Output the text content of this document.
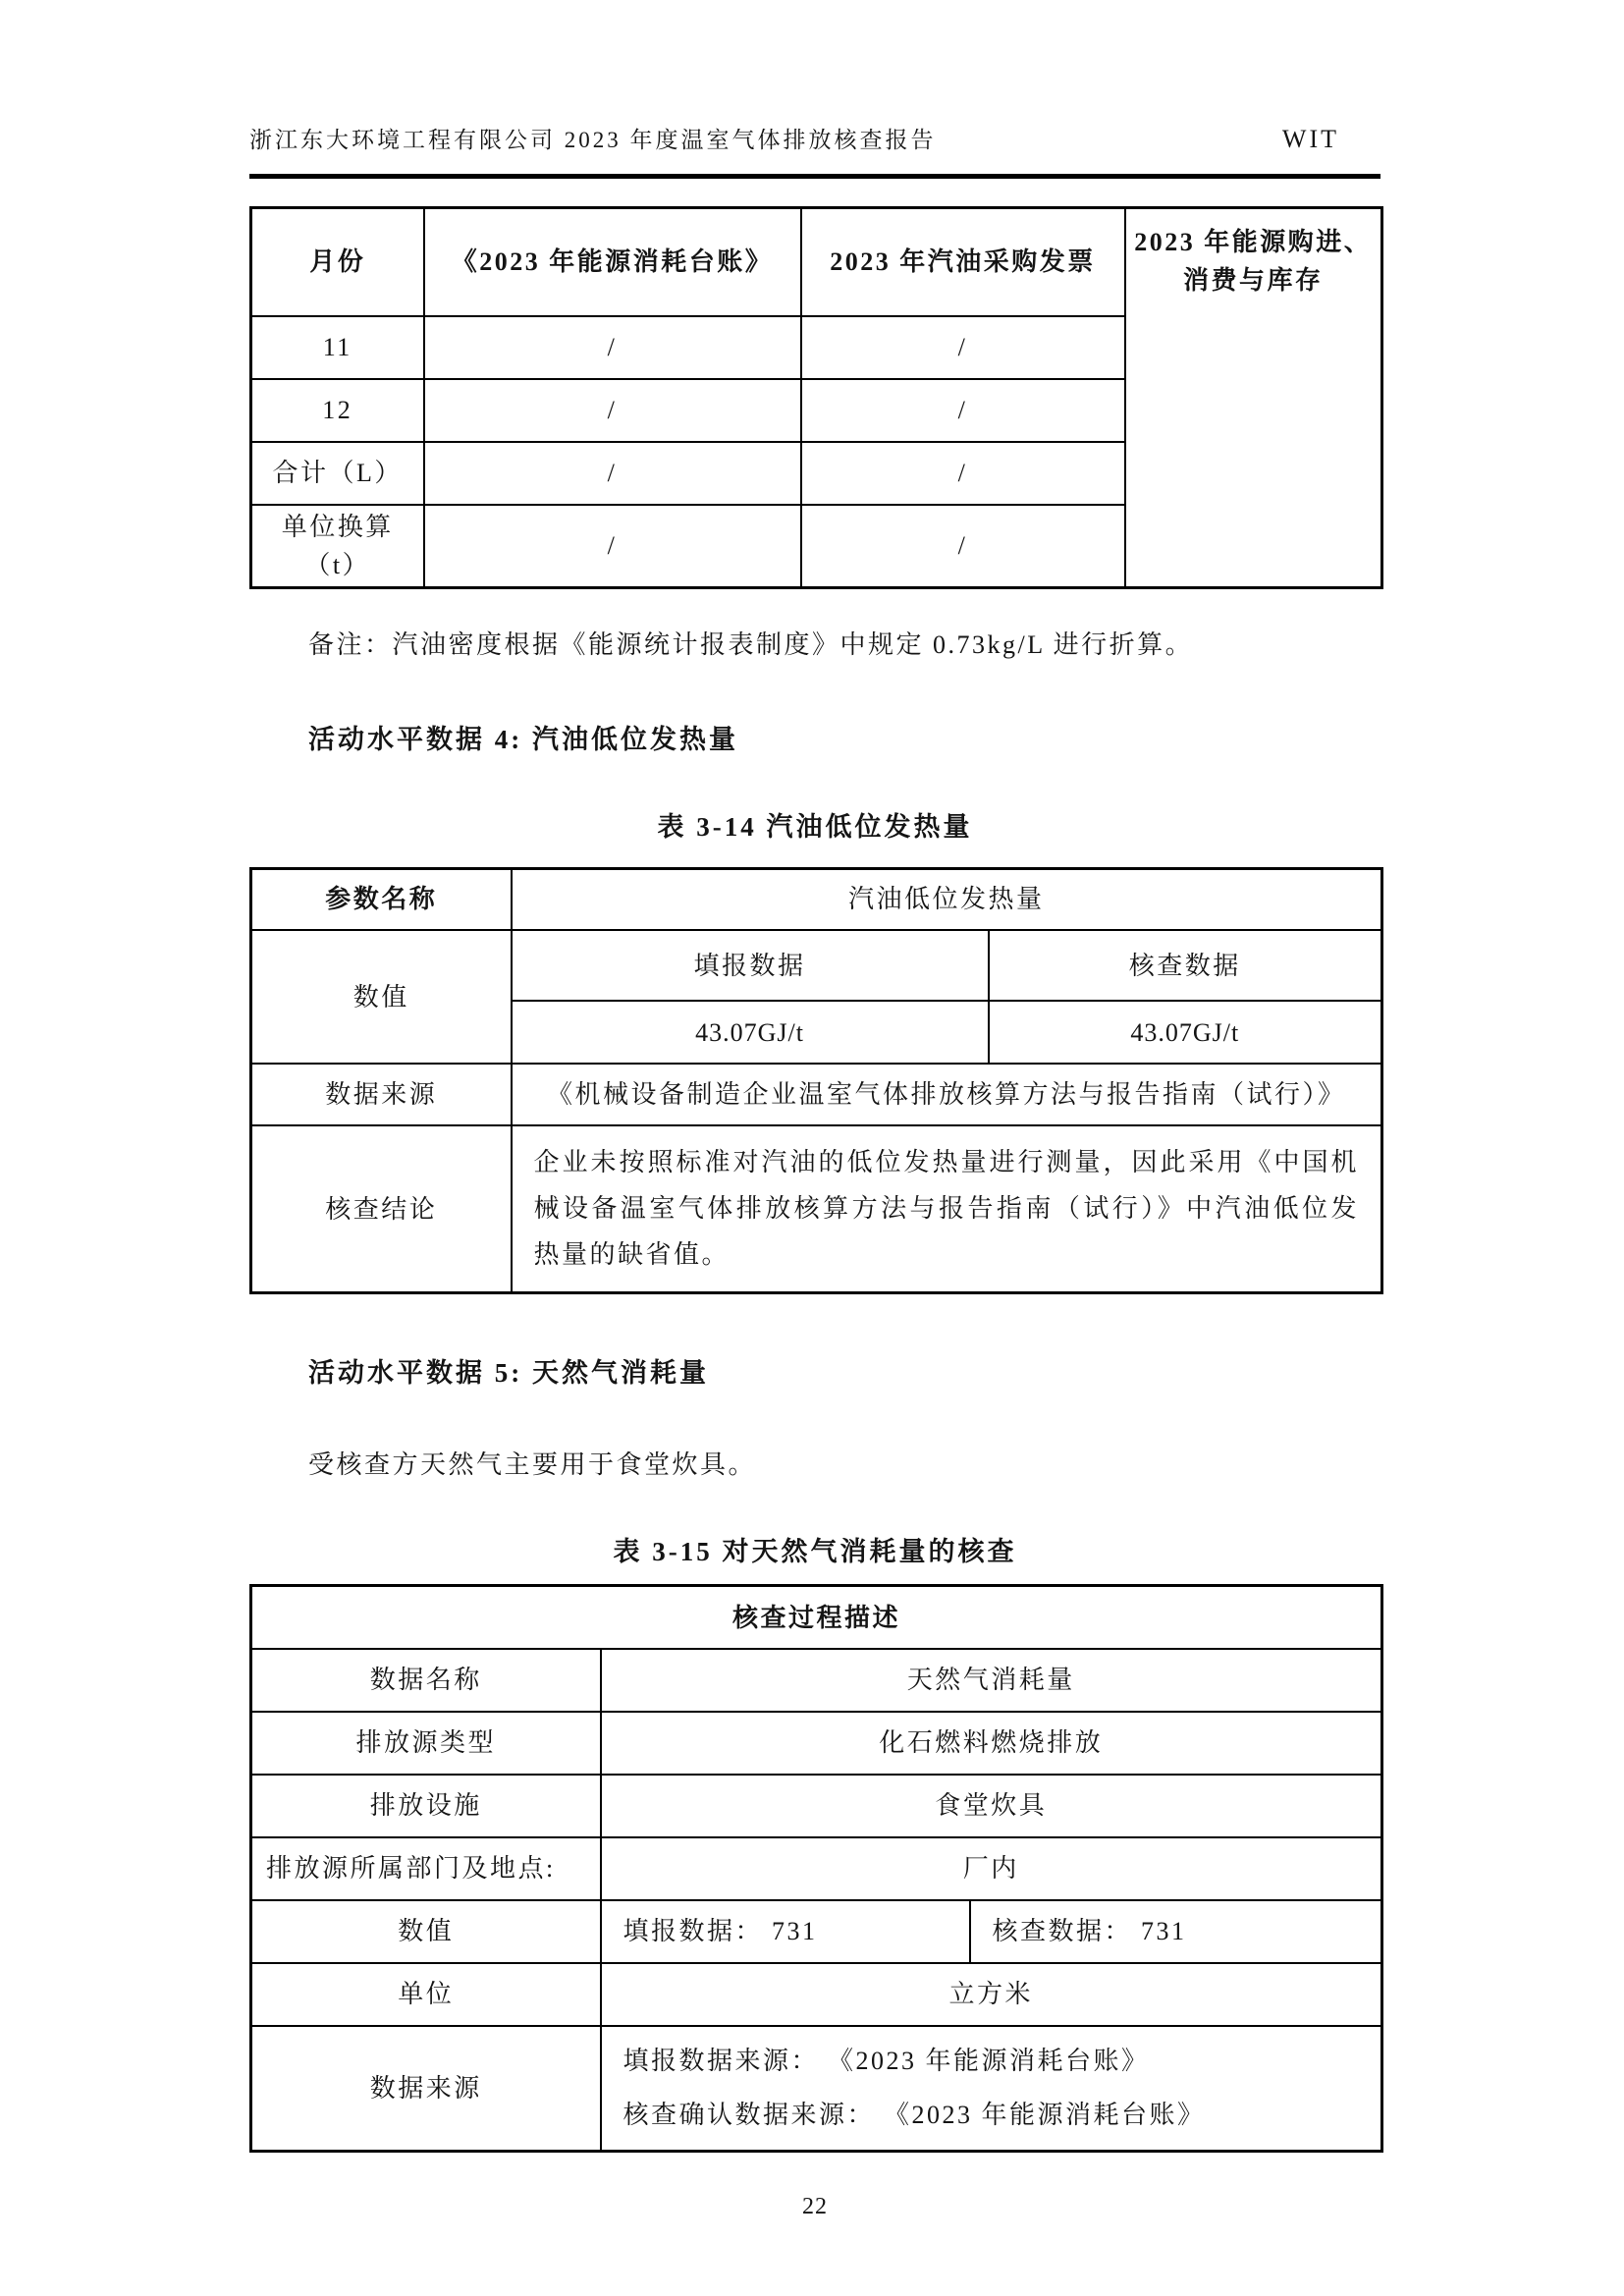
浙江东大环境工程有限公司 2023 年度温室气体排放核查报告	WIT
月份	《2023 年能源消耗台账》	2023 年汽油采购发票	2023 年能源购进、消费与库存

11	/	/	
12	/	/	
合计（L）	/	/	
单位换算（t）	/	/	
备注：汽油密度根据《能源统计报表制度》中规定 0.73kg/L 进行折算。
活动水平数据 4: 汽油低位发热量
表 3-14 汽油低位发热量
参数名称	汽油低位发热量	
数值	填报数据	核查数据
	43.07GJ/t	43.07GJ/t
数据来源	《机械设备制造企业温室气体排放核算方法与报告指南（试行）》	
核查结论	企业未按照标准对汽油的低位发热量进行测量，因此采用《中国机械设备温室气体排放核算方法与报告指南（试行）》中汽油低位发热量的缺省值。	
活动水平数据 5: 天然气消耗量
受核查方天然气主要用于食堂炊具。
表 3-15 对天然气消耗量的核查
核查过程描述		
数据名称	天然气消耗量	
排放源类型	化石燃料燃烧排放	
排放设施	食堂炊具	
排放源所属部门及地点:	厂内	
数值	填报数据： 731	核查数据： 731
单位	立方米	
数据来源	填报数据来源： 《2023 年能源消耗台账》
核查确认数据来源： 《2023 年能源消耗台账》	
22
